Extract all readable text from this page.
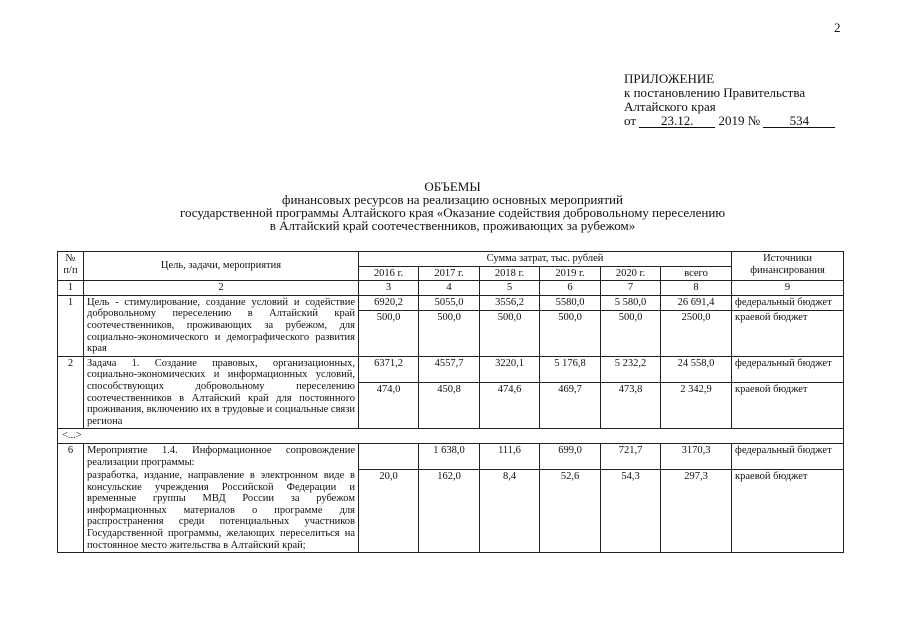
2
ПРИЛОЖЕНИЕ
к постановлению Правительства
Алтайского края
от 23.12. 2019 № 534
ОБЪЕМЫ
финансовых ресурсов на реализацию основных мероприятий
государственной программы Алтайского края «Оказание содействия добровольному переселению
в Алтайский край соотечественников, проживающих за рубежом»
№ п/п	Цель, задачи, мероприятия	Сумма затрат, тыс. рублей						Источники финансирования
		2016 г.	2017 г.	2018 г.	2019 г.	2020 г.	всего	
1	2	3	4	5	6	7	8	9
1	Цель - стимулирование, создание условий и содействие добровольному переселению в Алтайский край соотечественников, проживающих за рубежом, для социально-экономического и демографического развития края	6920,2	5055,0	3556,2	5580,0	5 580,0	26 691,4	федеральный бюджет
		500,0	500,0	500,0	500,0	500,0	2500,0	краевой бюджет
2	Задача 1. Создание правовых, организационных, социально-экономических и информационных условий, способствующих добровольному переселению соотечественников в Алтайский край для постоянного проживания, включению их в трудовые и социальные связи региона	6371,2	4557,7	3220,1	5 176,8	5 232,2	24 558,0	федеральный бюджет
		474,0	450,8	474,6	469,7	473,8	2 342,9	краевой бюджет
<...>								
6	Мероприятие 1.4. Информационное сопровождение реализации программы:		1 638,0	111,6	699,0	721,7	3170,3	федеральный бюджет
	разработка, издание, направление в электронном виде в консульские учреждения Российской Федерации и временные группы МВД России за рубежом информационных материалов о программе для распространения среди потенциальных участников Государственной программы, желающих переселиться на постоянное место жительства в Алтайский край;	20,0	162,0	8,4	52,6	54,3	297,3	краевой бюджет
